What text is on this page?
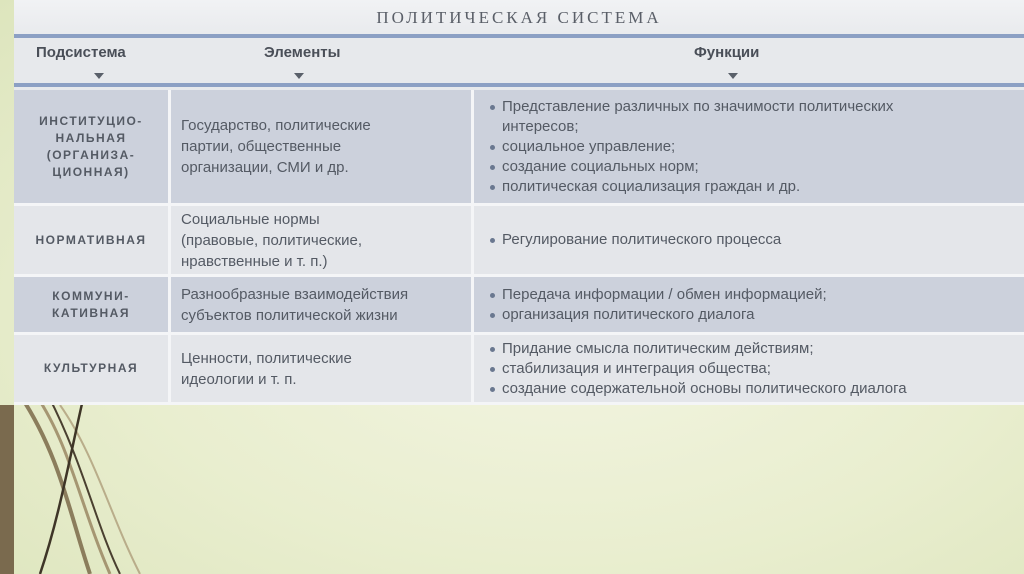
ПОЛИТИЧЕСКАЯ СИСТЕМА
Подсистема	Элементы	Функции
ИНСТИТУЦИО-
НАЛЬНАЯ
(ОРГАНИЗА-
ЦИОННАЯ)
Государство, политические
партии, общественные
организации, СМИ и др.
Представление различных по значимости политических
интересов;
социальное управление;
создание социальных норм;
политическая социализация граждан и др.
НОРМАТИВНАЯ
Социальные нормы
(правовые, политические,
нравственные и т. п.)
Регулирование политического процесса
КОММУНИ-
КАТИВНАЯ
Разнообразные взаимодействия
субъектов политической жизни
Передача информации / обмен информацией;
организация политического диалога
КУЛЬТУРНАЯ
Ценности, политические
идеологии и т. п.
Придание смысла политическим действиям;
стабилизация и интеграция общества;
создание содержательной основы политического диалога
